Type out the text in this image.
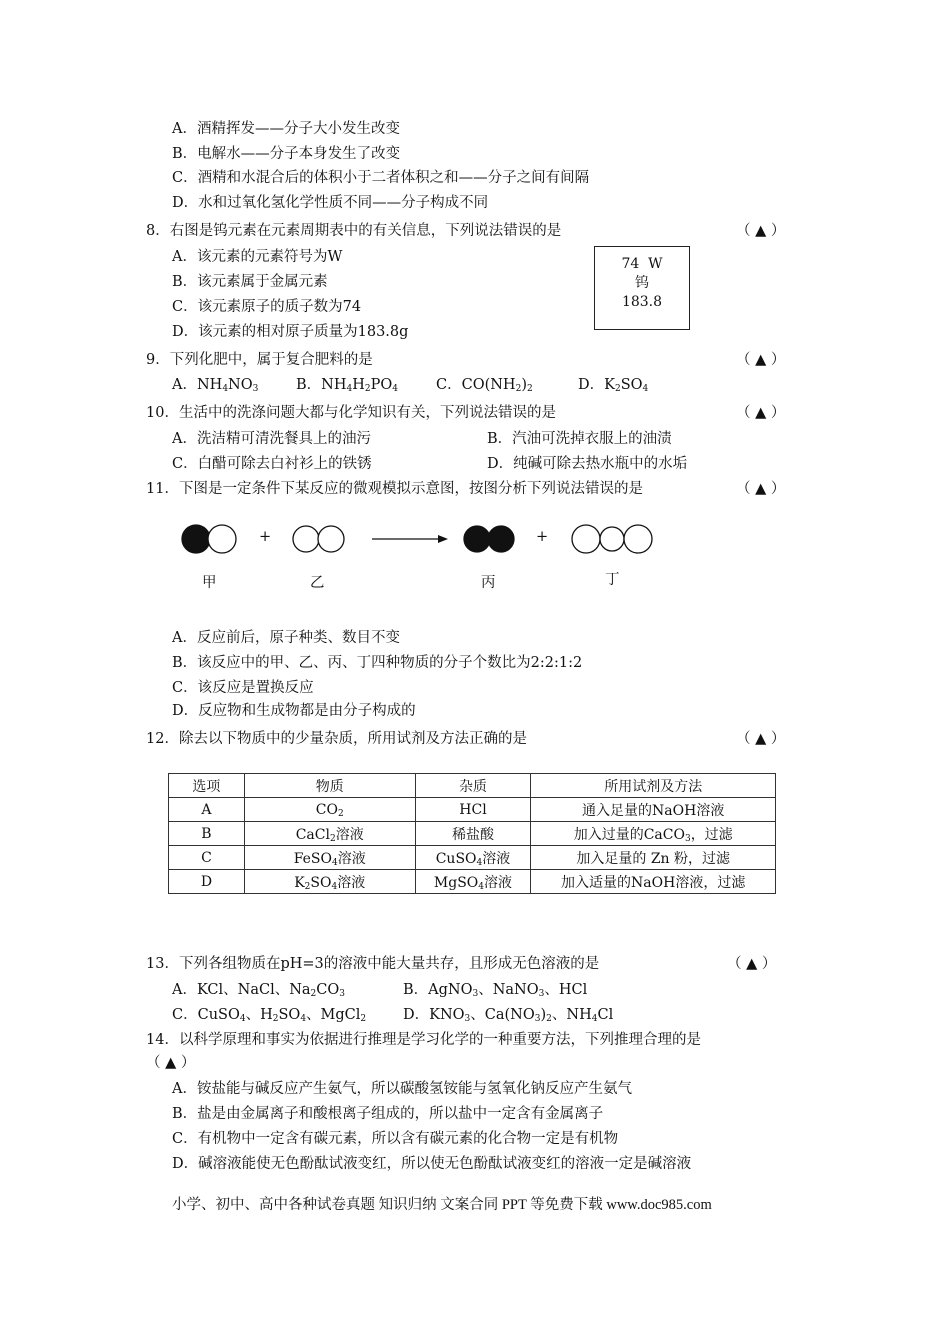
A．酒精挥发——分子大小发生改变
B．电解水——分子本身发生了改变
C．酒精和水混合后的体积小于二者体积之和——分子之间有间隔
D．水和过氧化氢化学性质不同——分子构成不同
8．右图是钨元素在元素周期表中的有关信息，下列说法错误的是	（ ▲ ）
A．该元素的元素符号为W
B．该元素属于金属元素
C．该元素原子的质子数为74
D．该元素的相对原子质量为183.8g
74  W
钨
183.8
9．下列化肥中，属于复合肥料的是	（ ▲ ）
A．$NH_4NO_3$	B．$NH_4H_2PO_4$	C．$CO(NH_2)_2$	D．$K_2SO_4$
10．生活中的洗涤问题大都与化学知识有关，下列说法错误的是	（ ▲ ）
A．洗洁精可清洗餐具上的油污	B．汽油可洗掉衣服上的油渍
C．白醋可除去白衬衫上的铁锈	D．纯碱可除去热水瓶中的水垢
11．下图是一定条件下某反应的微观模拟示意图，按图分析下列说法错误的是	（ ▲ ）
+	+
甲	乙	丙	丁
A．反应前后，原子种类、数目不变
B．该反应中的甲、乙、丙、丁四种物质的分子个数比为2:2:1:2
C．该反应是置换反应
D．反应物和生成物都是由分子构成的
12．除去以下物质中的少量杂质，所用试剂及方法正确的是	（ ▲ ）
选项	物质	杂质	所用试剂及方法
A	$CO_2$	HCl	通入足量的NaOH溶液
B	CaCl$_2$溶液	稀盐酸	加入过量的CaCO$_3$，过滤
C	FeSO$_4$溶液	CuSO$_4$溶液	加入足量的 Zn 粉，过滤
D	$K_2SO_4$溶液	MgSO$_4$溶液	加入适量的NaOH溶液，过滤
13．下列各组物质在pH=3的溶液中能大量共存，且形成无色溶液的是	（ ▲ ）
A．KCl、NaCl、$Na_2CO_3$	B．AgNO$_3$、NaNO$_3$、HCl
C．CuSO$_4$、$H_2SO_4$、MgCl$_2$	D．$KNO_3$、$Ca(NO_3)_2$、$NH_4Cl$
14．以科学原理和事实为依据进行推理是学习化学的一种重要方法，下列推理合理的是
（ ▲ ）
A．铵盐能与碱反应产生氨气，所以碳酸氢铵能与氢氧化钠反应产生氨气
B．盐是由金属离子和酸根离子组成的，所以盐中一定含有金属离子
C．有机物中一定含有碳元素，所以含有碳元素的化合物一定是有机物
D．碱溶液能使无色酚酞试液变红，所以使无色酚酞试液变红的溶液一定是碱溶液
小学、初中、高中各种试卷真题 知识归纳 文案合同 PPT 等免费下载 www.doc985.com
